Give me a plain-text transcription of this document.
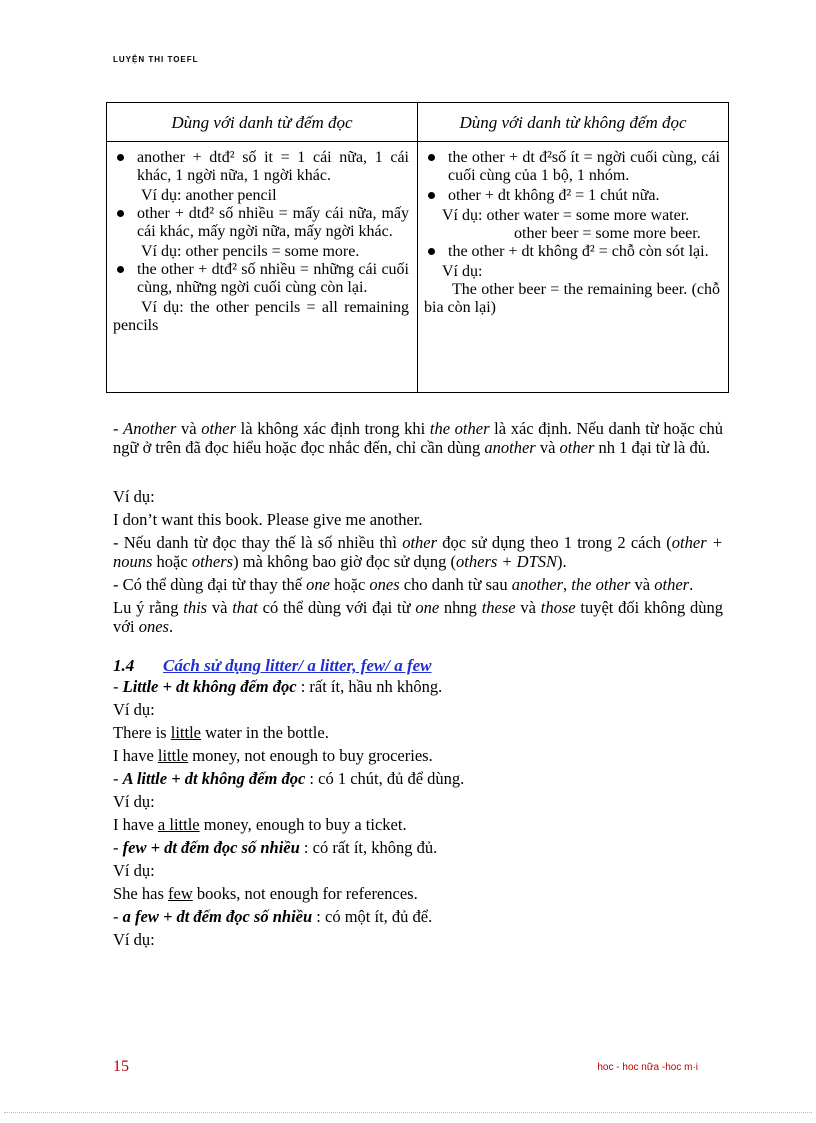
LUYỆN THI TOEFL
Dùng với danh từ đếm đọc
another + dtđ² số it = 1 cái nữa, 1 cái khác, 1 ngời nữa, 1 ngời khác.
Ví dụ: another pencil
other + dtđ² số nhiều = mấy cái nữa, mấy cái khác, mấy ngời nữa, mấy ngời khác.
Ví dụ: other pencils = some more.
the other + dtđ² số nhiều = những cái cuối cùng, những ngời cuối cùng còn lại.
Ví dụ: the other pencils = all remaining pencils
Dùng với danh từ không đếm đọc
the other + dt đ²số ít = ngời cuối cùng, cái cuối cùng của 1 bộ, 1 nhóm.
other + dt không đ² = 1 chút nữa.
Ví dụ: other water = some more water.
other beer = some more beer.
the other + dt không đ² = chỗ còn sót lại.
Ví dụ:
The other beer = the remaining beer. (chỗ bia còn lại)

- Another và other là không xác định trong khi the other là xác định. Nếu danh từ hoặc chủ ngữ ở trên đã đọc hiểu hoặc đọc nhắc đến, chỉ cần dùng another và other nh 1 đại từ là đủ.

Ví dụ:

I don’t want this book. Please give me another.

- Nếu danh từ đọc thay thế là số nhiều thì other đọc sử dụng theo 1 trong 2 cách (other + nouns hoặc others) mà không bao giờ đọc sử dụng (others + DTSN).

- Có thể dùng đại từ thay thế one hoặc ones cho danh từ sau another, the other và other.

Lu ý rằng this và that có thể dùng với đại từ one nhng these và those tuyệt đối không dùng với ones.

1.4 Cách sử dụng litter/ a litter, few/ a few

- Little + dt không đếm đọc : rất ít, hầu nh không.

Ví dụ:

There is little water in the bottle.

I have little money, not enough to buy groceries.

- A little + dt không đếm đọc : có 1 chút, đủ để dùng.

Ví dụ:

I have a little money, enough to buy a ticket.

- few + dt đếm đọc số nhiều : có rất ít, không đủ.

Ví dụ:

She has few books, not enough for references.

- a few + dt đếm đọc số nhiều : có một ít, đủ để.

Ví dụ:

15	hoc - hoc nữa -hoc m·i
